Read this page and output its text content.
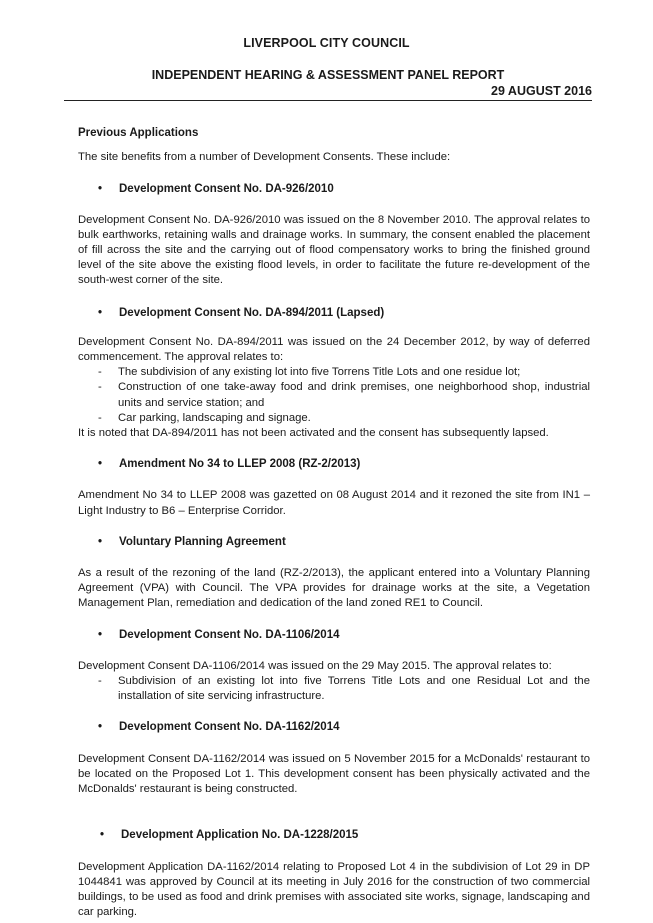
LIVERPOOL CITY COUNCIL
INDEPENDENT HEARING & ASSESSMENT PANEL REPORT
29 AUGUST 2016
Previous Applications

The site benefits from a number of Development Consents. These include:

• Development Consent No. DA-926/2010

Development Consent No. DA-926/2010 was issued on the 8 November 2010. The approval relates to bulk earthworks, retaining walls and drainage works. In summary, the consent enabled the placement of fill across the site and the carrying out of flood compensatory works to bring the finished ground level of the site above the existing flood levels, in order to facilitate the future re-development of the south-west corner of the site.

• Development Consent No. DA-894/2011 (Lapsed)

Development Consent No. DA-894/2011 was issued on the 24 December 2012, by way of deferred commencement. The approval relates to:

- The subdivision of any existing lot into five Torrens Title Lots and one residue lot;
- Construction of one take-away food and drink premises, one neighborhood shop, industrial units and service station; and
- Car parking, landscaping and signage.

It is noted that DA-894/2011 has not been activated and the consent has subsequently lapsed.

• Amendment No 34 to LLEP 2008 (RZ-2/2013)

Amendment No 34 to LLEP 2008 was gazetted on 08 August 2014 and it rezoned the site from IN1 – Light Industry to B6 – Enterprise Corridor.

• Voluntary Planning Agreement

As a result of the rezoning of the land (RZ-2/2013), the applicant entered into a Voluntary Planning Agreement (VPA) with Council. The VPA provides for drainage works at the site, a Vegetation Management Plan, remediation and dedication of the land zoned RE1 to Council.

• Development Consent No. DA-1106/2014

Development Consent DA-1106/2014 was issued on the 29 May 2015. The approval relates to:

- Subdivision of an existing lot into five Torrens Title Lots and one Residual Lot and the installation of site servicing infrastructure.
• Development Consent No. DA-1162/2014

Development Consent DA-1162/2014 was issued on 5 November 2015 for a McDonalds' restaurant to be located on the Proposed Lot 1. This development consent has been physically activated and the McDonalds' restaurant is being constructed.

• Development Application No. DA-1228/2015

Development Application DA-1162/2014 relating to Proposed Lot 4 in the subdivision of Lot 29 in DP 1044841 was approved by Council at its meeting in July 2016 for the construction of two commercial buildings, to be used as food and drink premises with associated site works, signage, landscaping and car parking.
